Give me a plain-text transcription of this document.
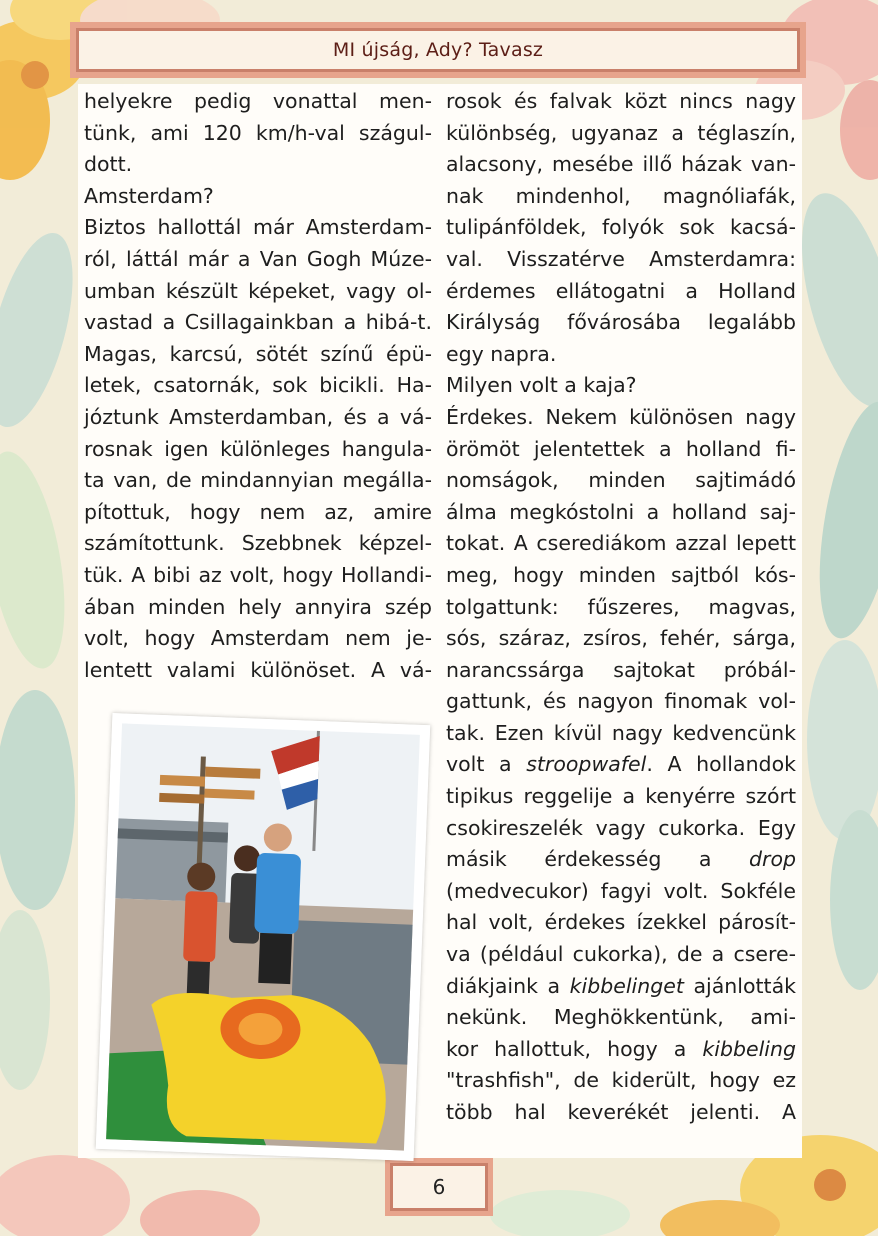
MI újság, Ady? Tavasz
helyekre pedig vonattal men-
tünk, ami 120 km/h-val szágul-
dott.
Amsterdam?
Biztos hallottál már Amsterdam-
ról, láttál már a Van Gogh Múze-
umban készült képeket, vagy ol-
vastad a Csillagainkban a hibá-t.
Magas, karcsú, sötét színű épü-
letek, csatornák, sok bicikli. Ha-
józtunk Amsterdamban, és a vá-
rosnak igen különleges hangula-
ta van, de mindannyian megálla-
pítottuk, hogy nem az, amire
számítottunk. Szebbnek képzel-
tük. A bibi az volt, hogy Hollandi-
ában minden hely annyira szép
volt, hogy Amsterdam nem je-
lentett valami különöset. A vá-
rosok és falvak közt nincs nagy
különbség, ugyanaz a téglaszín,
alacsony, mesébe illő házak van-
nak mindenhol, magnóliafák,
tulipánföldek, folyók sok kacsá-
val. Visszatérve Amsterdamra:
érdemes ellátogatni a Holland
Királyság fővárosába legalább
egy napra.
Milyen volt a kaja?
Érdekes. Nekem különösen nagy
örömöt jelentettek a holland fi-
nomságok, minden sajtimádó
álma megkóstolni a holland saj-
tokat. A cserediákom azzal lepett
meg, hogy minden sajtból kós-
tolgattunk: fűszeres, magvas,
sós, száraz, zsíros, fehér, sárga,
narancssárga sajtokat próbál-
gattunk, és nagyon finomak vol-
tak. Ezen kívül nagy kedvencünk
volt a stroopwafel. A hollandok
tipikus reggelije a kenyérre szórt
csokireszelék vagy cukorka. Egy
másik érdekesség a drop
(medvecukor) fagyi volt. Sokféle
hal volt, érdekes ízekkel párosít-
va (például cukorka), de a csere-
diákjaink a kibbelinget ajánlották
nekünk. Meghökkentünk, ami-
kor hallottuk, hogy a kibbeling
"trashfish", de kiderült, hogy ez
több hal keverékét jelenti. A
6
